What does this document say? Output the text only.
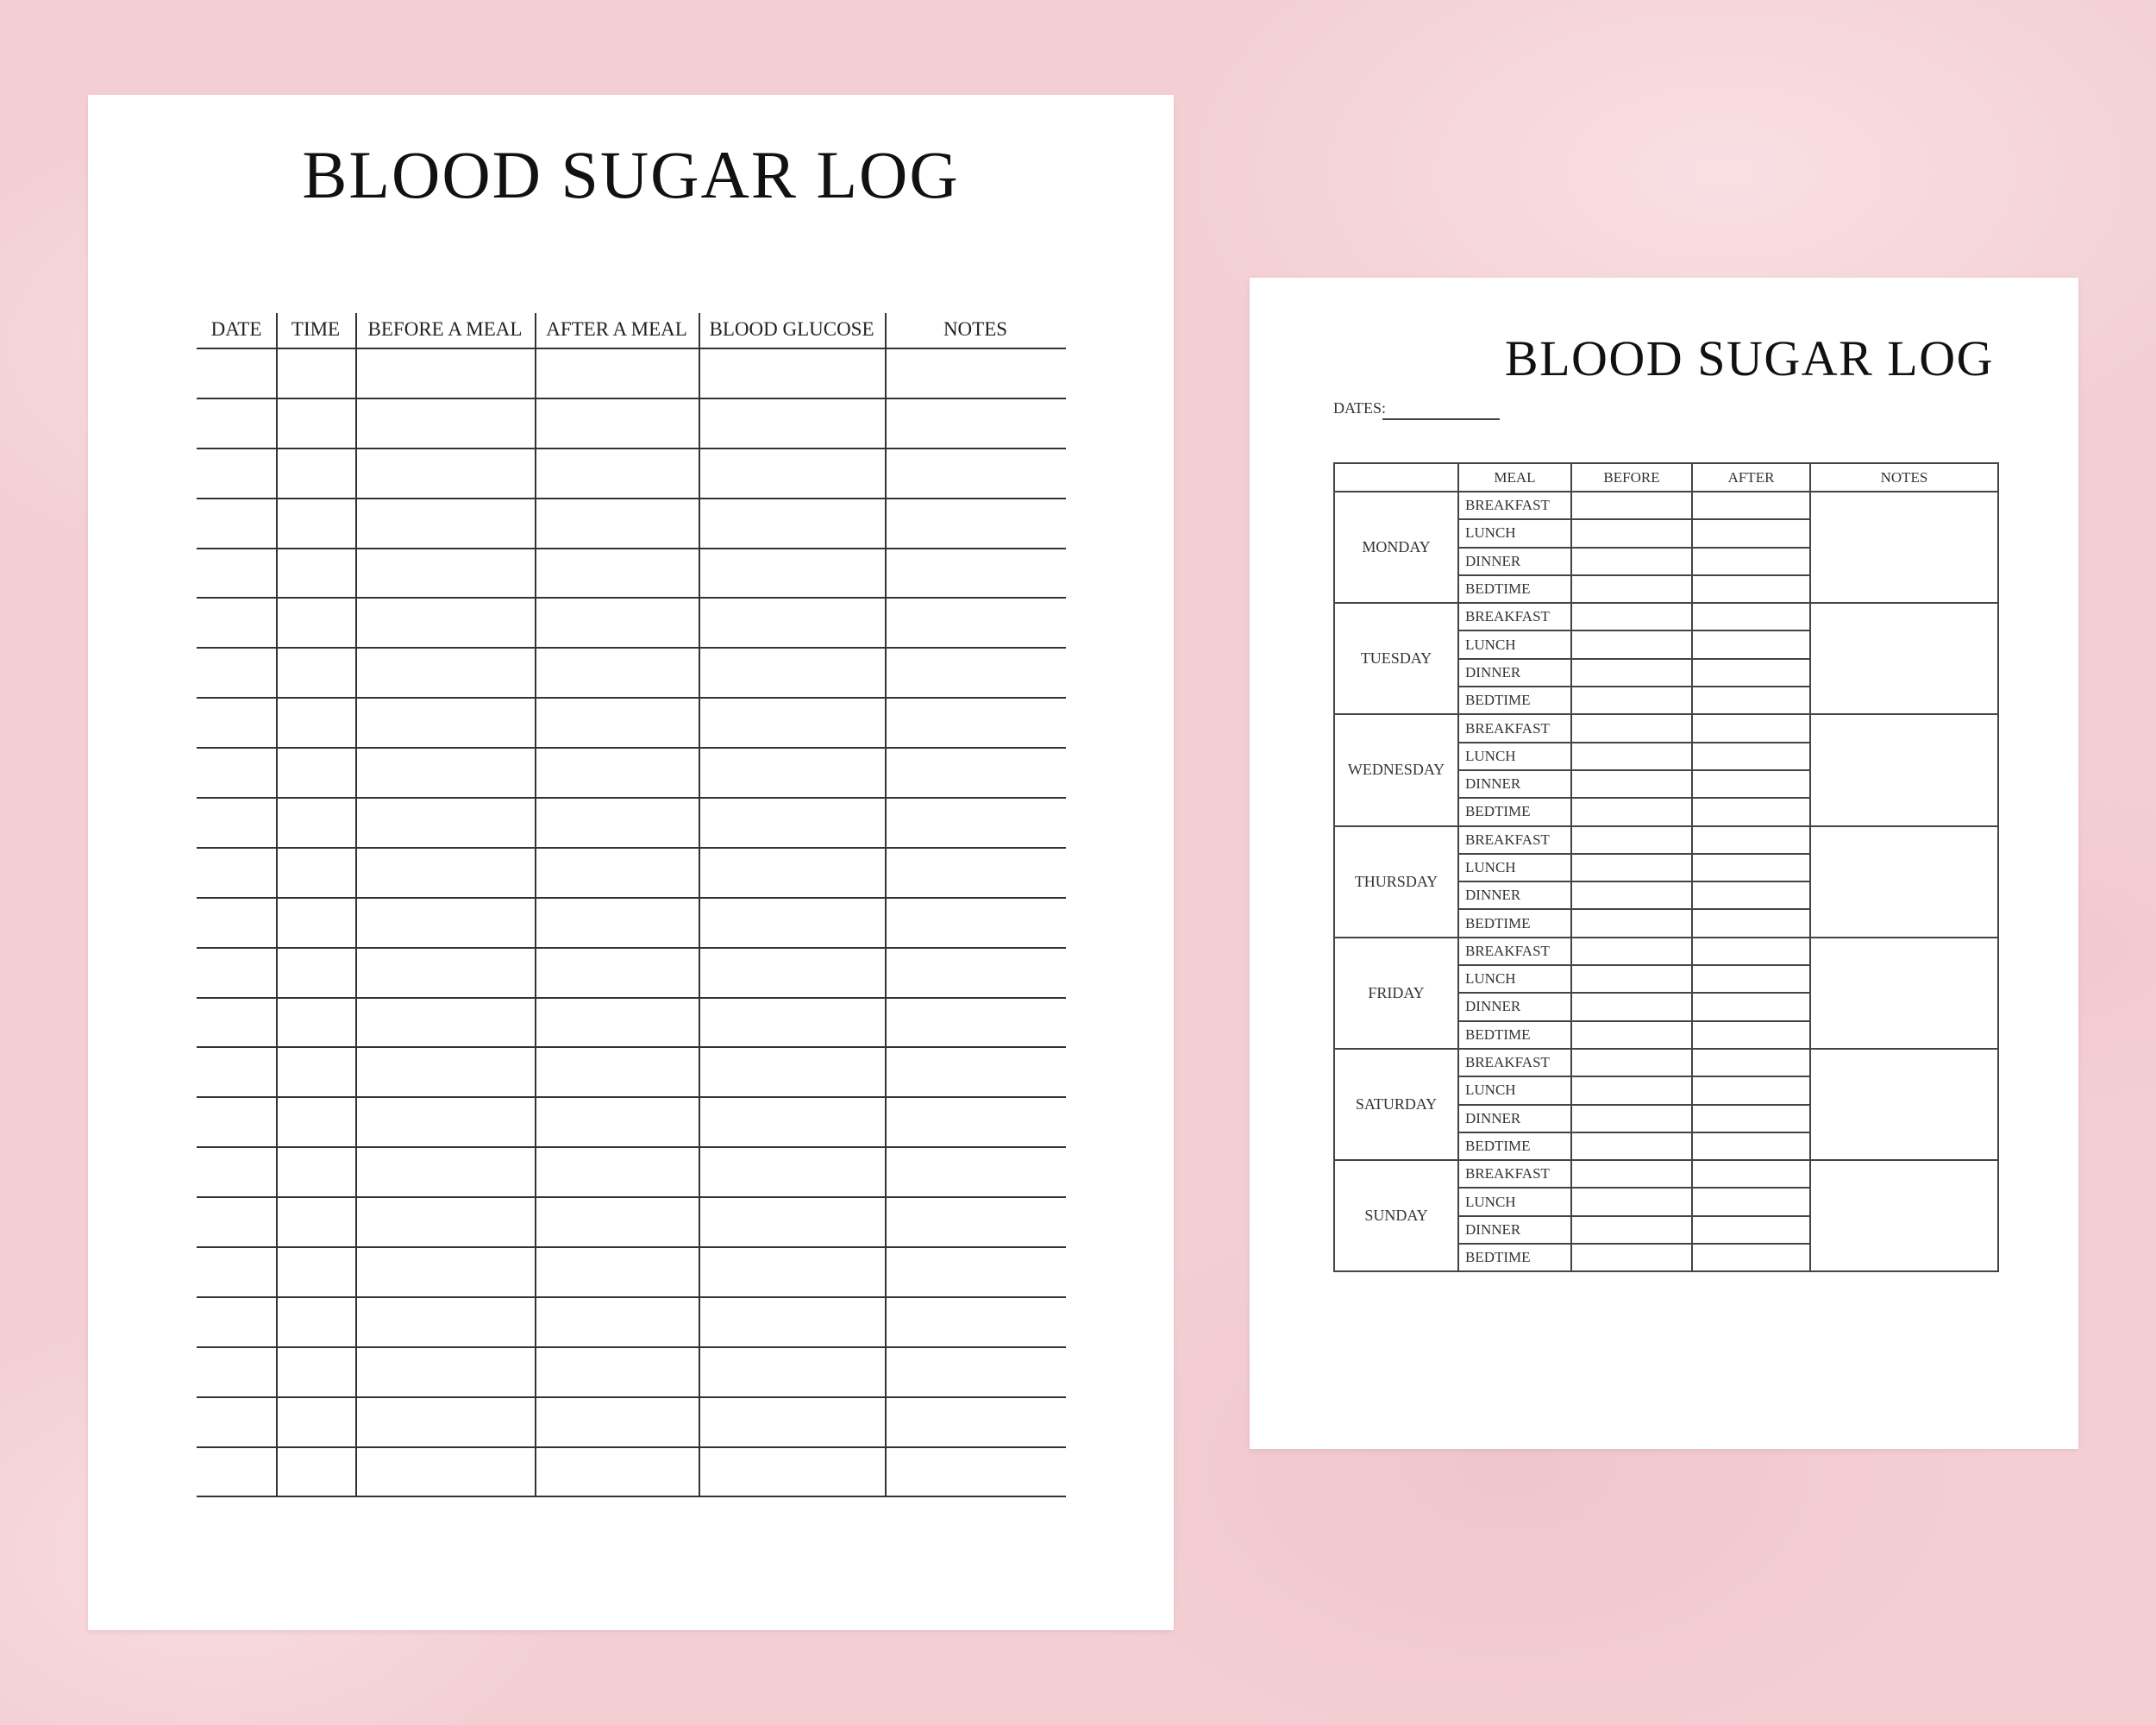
BLOOD SUGAR LOG
DATE	TIME	BEFORE A MEAL	AFTER A MEAL	BLOOD GLUCOSE	NOTES
BLOOD SUGAR LOG
DATES:
	MEAL	BEFORE	AFTER	NOTES
MONDAY	BREAKFAST			
	LUNCH			
	DINNER			
	BEDTIME			
TUESDAY	BREAKFAST			
	LUNCH			
	DINNER			
	BEDTIME			
WEDNESDAY	BREAKFAST			
	LUNCH			
	DINNER			
	BEDTIME			
THURSDAY	BREAKFAST			
	LUNCH			
	DINNER			
	BEDTIME			
FRIDAY	BREAKFAST			
	LUNCH			
	DINNER			
	BEDTIME			
SATURDAY	BREAKFAST			
	LUNCH			
	DINNER			
	BEDTIME			
SUNDAY	BREAKFAST			
	LUNCH			
	DINNER			
	BEDTIME			
